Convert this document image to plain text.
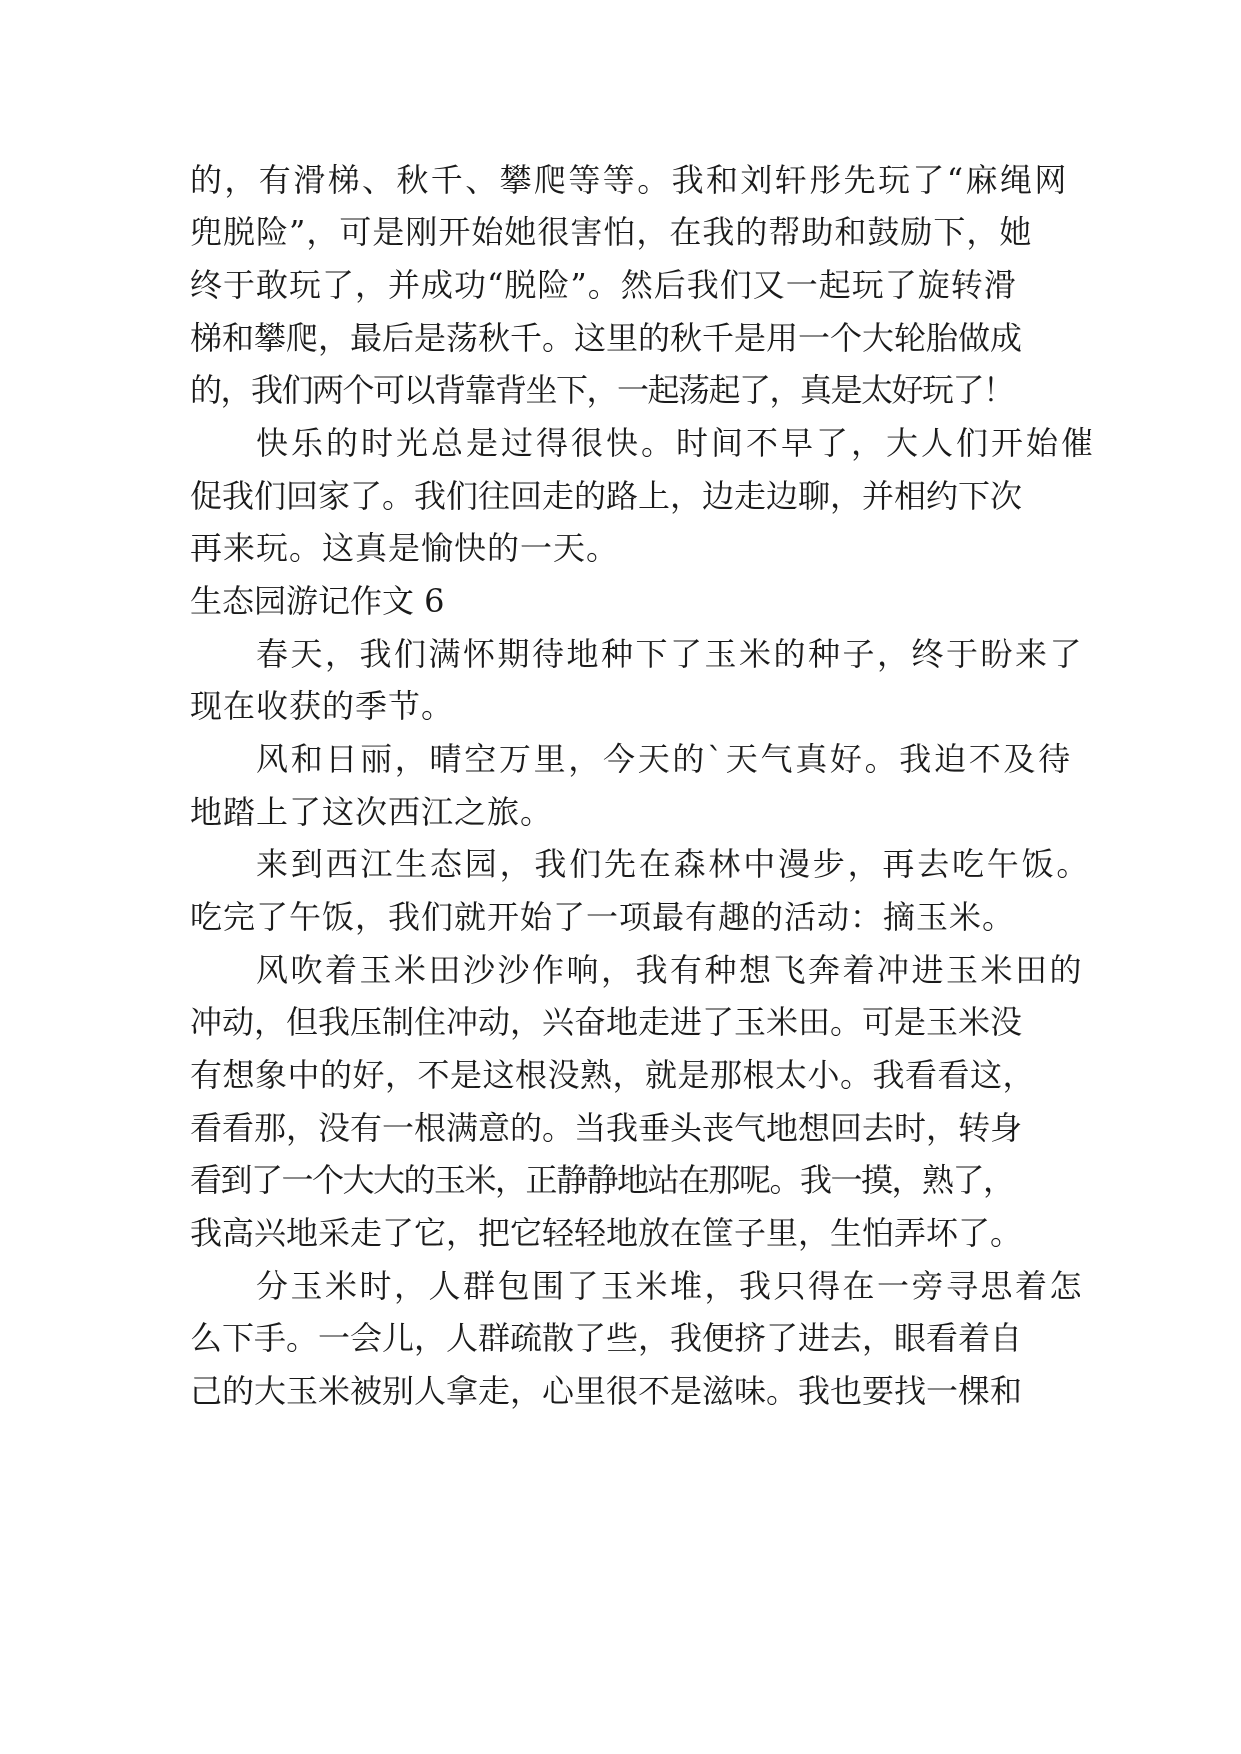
的，有滑梯、秋千、攀爬等等。我和刘轩彤先玩了“麻绳网
兜脱险”，可是刚开始她很害怕，在我的帮助和鼓励下，她
终于敢玩了，并成功“脱险”。然后我们又一起玩了旋转滑
梯和攀爬，最后是荡秋千。这里的秋千是用一个大轮胎做成
的，我们两个可以背靠背坐下，一起荡起了，真是太好玩了！
快乐的时光总是过得很快。时间不早了，大人们开始催
促我们回家了。我们往回走的路上，边走边聊，并相约下次
再来玩。这真是愉快的一天。
生态园游记作文 6
春天，我们满怀期待地种下了玉米的种子，终于盼来了
现在收获的季节。
风和日丽，晴空万里，今天的`天气真好。我迫不及待
地踏上了这次西江之旅。
来到西江生态园，我们先在森林中漫步，再去吃午饭。
吃完了午饭，我们就开始了一项最有趣的活动：摘玉米。
风吹着玉米田沙沙作响，我有种想飞奔着冲进玉米田的
冲动，但我压制住冲动，兴奋地走进了玉米田。可是玉米没
有想象中的好，不是这根没熟，就是那根太小。我看看这，
看看那，没有一根满意的。当我垂头丧气地想回去时，转身
看到了一个大大的玉米，正静静地站在那呢。我一摸，熟了，
我高兴地采走了它，把它轻轻地放在筐子里，生怕弄坏了。
分玉米时，人群包围了玉米堆，我只得在一旁寻思着怎
么下手。一会儿，人群疏散了些，我便挤了进去，眼看着自
己的大玉米被别人拿走，心里很不是滋味。我也要找一棵和
